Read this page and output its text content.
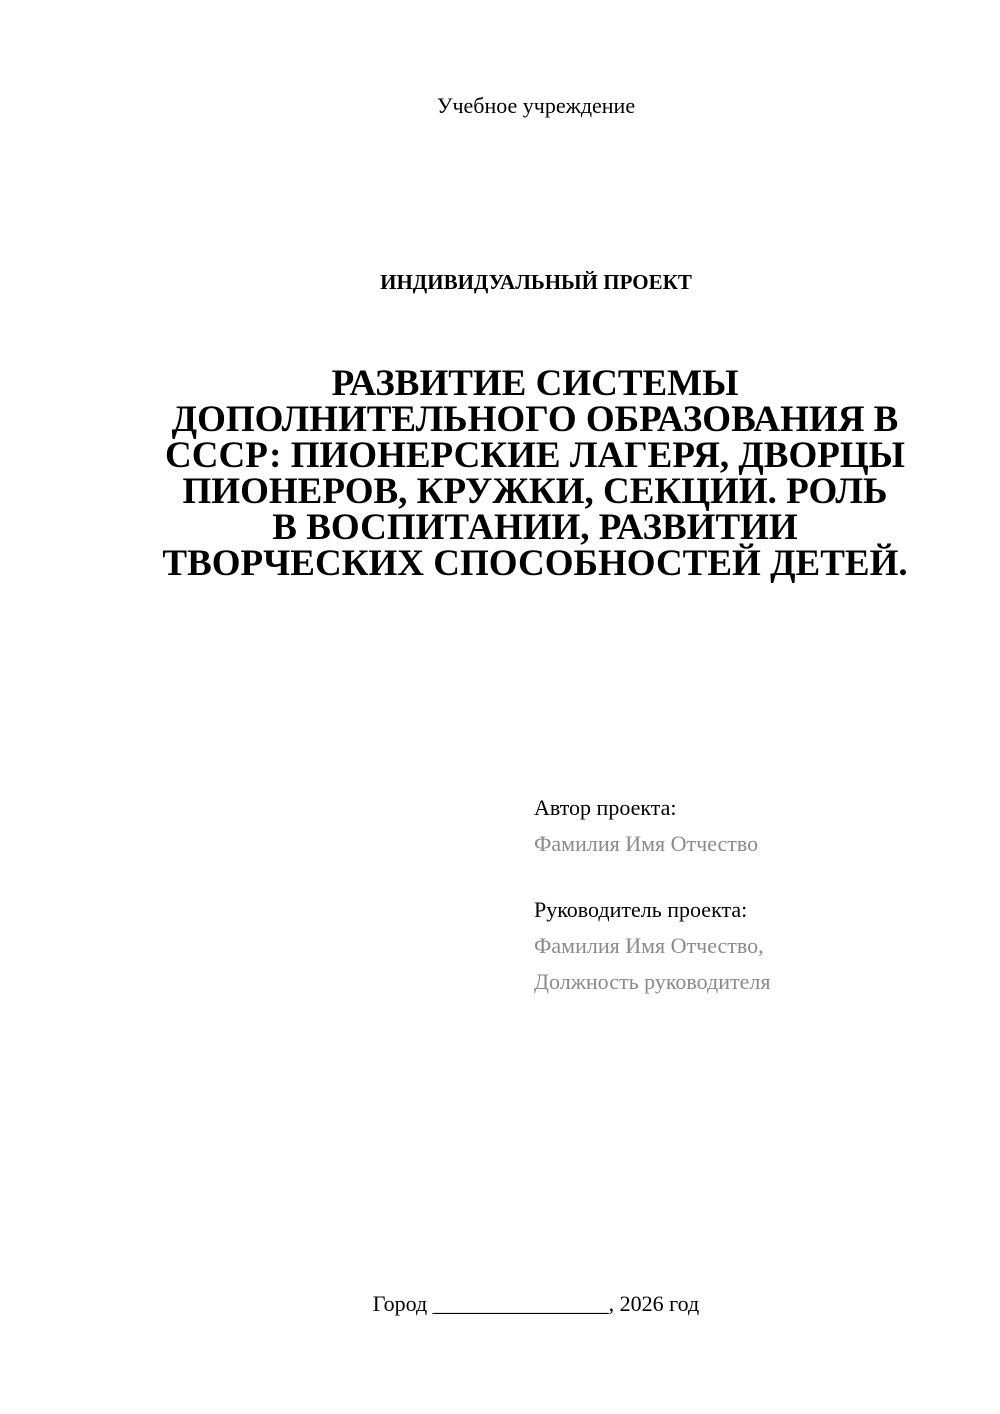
Учебное учреждение
ИНДИВИДУАЛЬНЫЙ ПРОЕКТ
РАЗВИТИЕ СИСТЕМЫ
ДОПОЛНИТЕЛЬНОГО ОБРАЗОВАНИЯ В
СССР: ПИОНЕРСКИЕ ЛАГЕРЯ, ДВОРЦЫ
ПИОНЕРОВ, КРУЖКИ, СЕКЦИИ. РОЛЬ
В ВОСПИТАНИИ, РАЗВИТИИ
ТВОРЧЕСКИХ СПОСОБНОСТЕЙ ДЕТЕЙ.
Автор проекта:
Фамилия Имя Отчество
Руководитель проекта:
Фамилия Имя Отчество,
Должность руководителя
Город ________________, 2026 год
